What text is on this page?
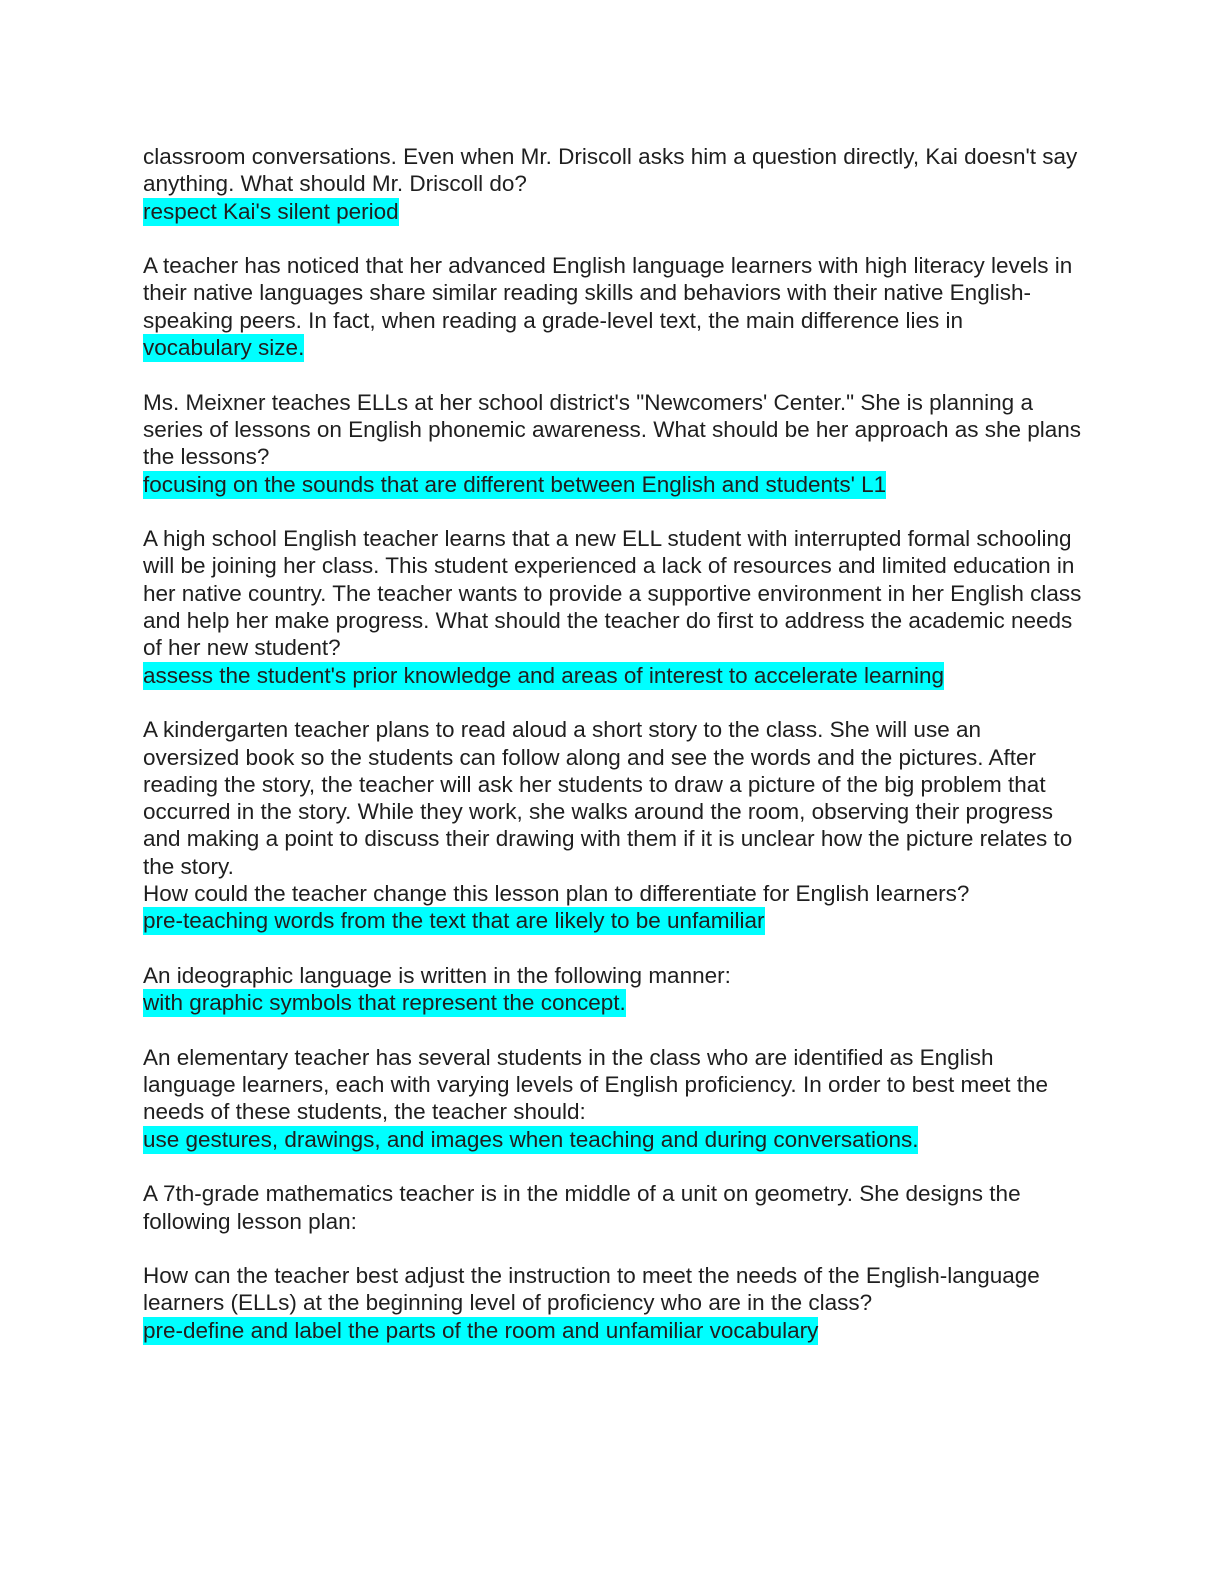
classroom conversations. Even when Mr. Driscoll asks him a question directly, Kai doesn't say anything. What should Mr. Driscoll do?

respect Kai's silent period

A teacher has noticed that her advanced English language learners with high literacy levels in their native languages share similar reading skills and behaviors with their native English-speaking peers. In fact, when reading a grade-level text, the main difference lies in

vocabulary size.

Ms. Meixner teaches ELLs at her school district's "Newcomers' Center." She is planning a series of lessons on English phonemic awareness. What should be her approach as she plans the lessons?

focusing on the sounds that are different between English and students' L1

A high school English teacher learns that a new ELL student with interrupted formal schooling will be joining her class. This student experienced a lack of resources and limited education in her native country. The teacher wants to provide a supportive environment in her English class and help her make progress. What should the teacher do first to address the academic needs of her new student?

assess the student's prior knowledge and areas of interest to accelerate learning

A kindergarten teacher plans to read aloud a short story to the class. She will use an oversized book so the students can follow along and see the words and the pictures. After reading the story, the teacher will ask her students to draw a picture of the big problem that occurred in the story. While they work, she walks around the room, observing their progress and making a point to discuss their drawing with them if it is unclear how the picture relates to the story.

How could the teacher change this lesson plan to differentiate for English learners?

pre-teaching words from the text that are likely to be unfamiliar

An ideographic language is written in the following manner:

with graphic symbols that represent the concept.

An elementary teacher has several students in the class who are identified as English language learners, each with varying levels of English proficiency. In order to best meet the needs of these students, the teacher should:

use gestures, drawings, and images when teaching and during conversations.

A 7th-grade mathematics teacher is in the middle of a unit on geometry. She designs the following lesson plan:

How can the teacher best adjust the instruction to meet the needs of the English-language learners (ELLs) at the beginning level of proficiency who are in the class?

pre-define and label the parts of the room and unfamiliar vocabulary
